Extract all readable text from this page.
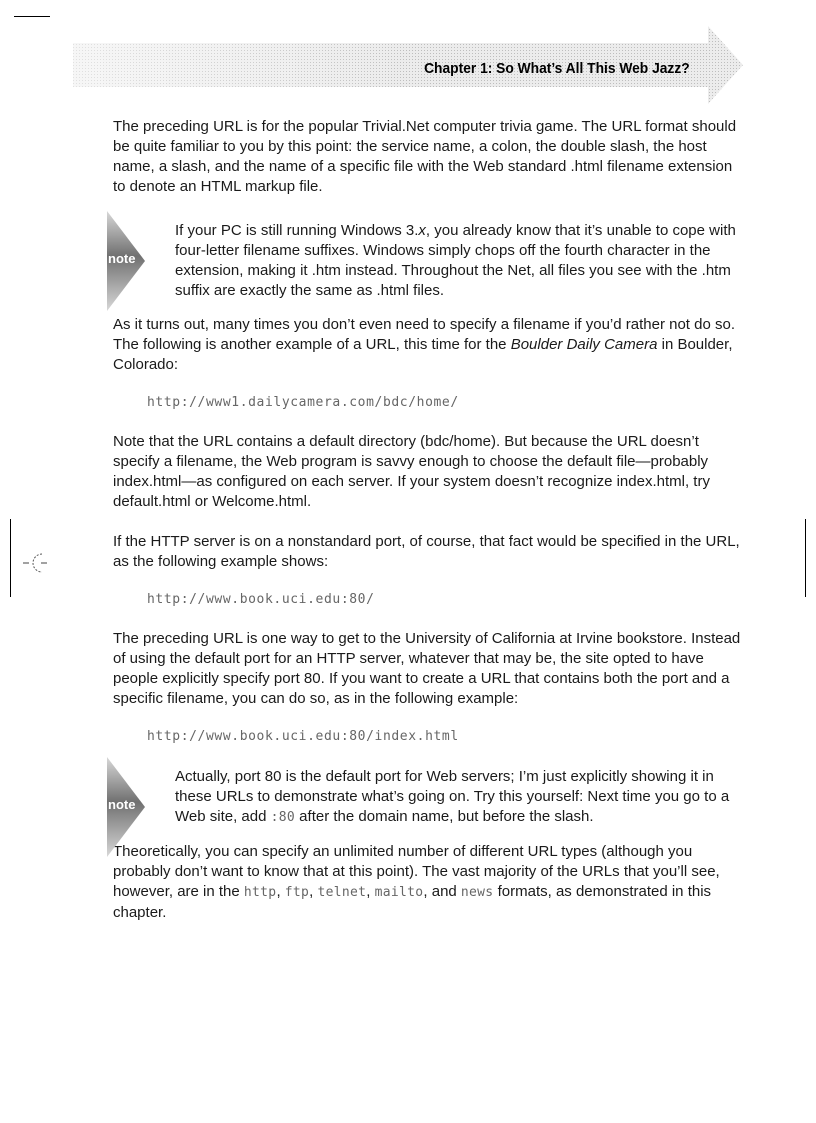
Chapter 1: So What’s All This Web Jazz?

The preceding URL is for the popular Trivial.Net computer trivia game. The URL format should be quite familiar to you by this point: the service name, a colon, the double slash, the host name, a slash, and the name of a specific file with the Web standard .html filename extension to denote an HTML markup file.

note

If your PC is still running Windows 3.x, you already know that it’s unable to cope with four-letter filename suffixes. Windows simply chops off the fourth character in the extension, making it .htm instead. Throughout the Net, all files you see with the .htm suffix are exactly the same as .html files.

As it turns out, many times you don’t even need to specify a filename if you’d rather not do so. The following is another example of a URL, this time for the Boulder Daily Camera in Boulder, Colorado:

http://www1.dailycamera.com/bdc/home/

Note that the URL contains a default directory (bdc/home). But because the URL doesn’t specify a filename, the Web program is savvy enough to choose the default file—probably index.html—as configured on each server. If your system doesn’t recognize index.html, try default.html or Welcome.html.

If the HTTP server is on a nonstandard port, of course, that fact would be specified in the URL, as the following example shows:

http://www.book.uci.edu:80/

The preceding URL is one way to get to the University of California at Irvine bookstore. Instead of using the default port for an HTTP server, whatever that may be, the site opted to have people explicitly specify port 80. If you want to create a URL that contains both the port and a specific filename, you can do so, as in the following example:

http://www.book.uci.edu:80/index.html

note

Actually, port 80 is the default port for Web servers; I’m just explicitly showing it in these URLs to demonstrate what’s going on. Try this yourself: Next time you go to a Web site, add :80 after the domain name, but before the slash.

Theoretically, you can specify an unlimited number of different URL types (although you probably don’t want to know that at this point). The vast majority of the URLs that you’ll see, however, are in the http, ftp, telnet, mailto, and news formats, as demonstrated in this chapter.
